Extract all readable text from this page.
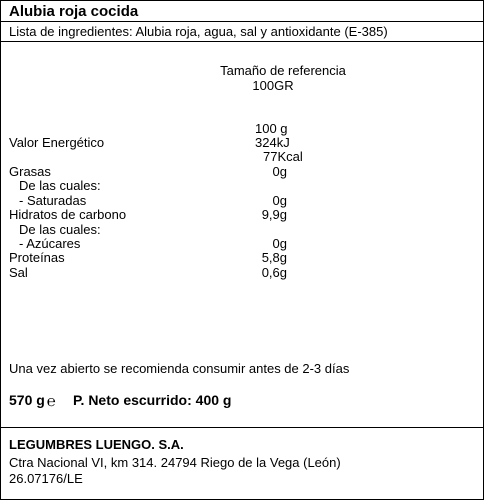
Alubia roja cocida
Lista de ingredientes: Alubia roja, agua, sal y antioxidante (E-385)
Tamaño de referencia
100GR
100 g
Valor Energético	324kJ
77Kcal
Grasas	0g
De las cuales:
- Saturadas	0g
Hidratos de carbono	9,9g
De las cuales:
- Azúcares	0g
Proteínas	5,8g
Sal	0,6g
Una vez abierto se recomienda consumir antes de 2-3 días
570 g ℮ P. Neto escurrido: 400 g
LEGUMBRES LUENGO. S.A.
Ctra Nacional VI, km 314. 24794 Riego de la Vega (León)
26.07176/LE
